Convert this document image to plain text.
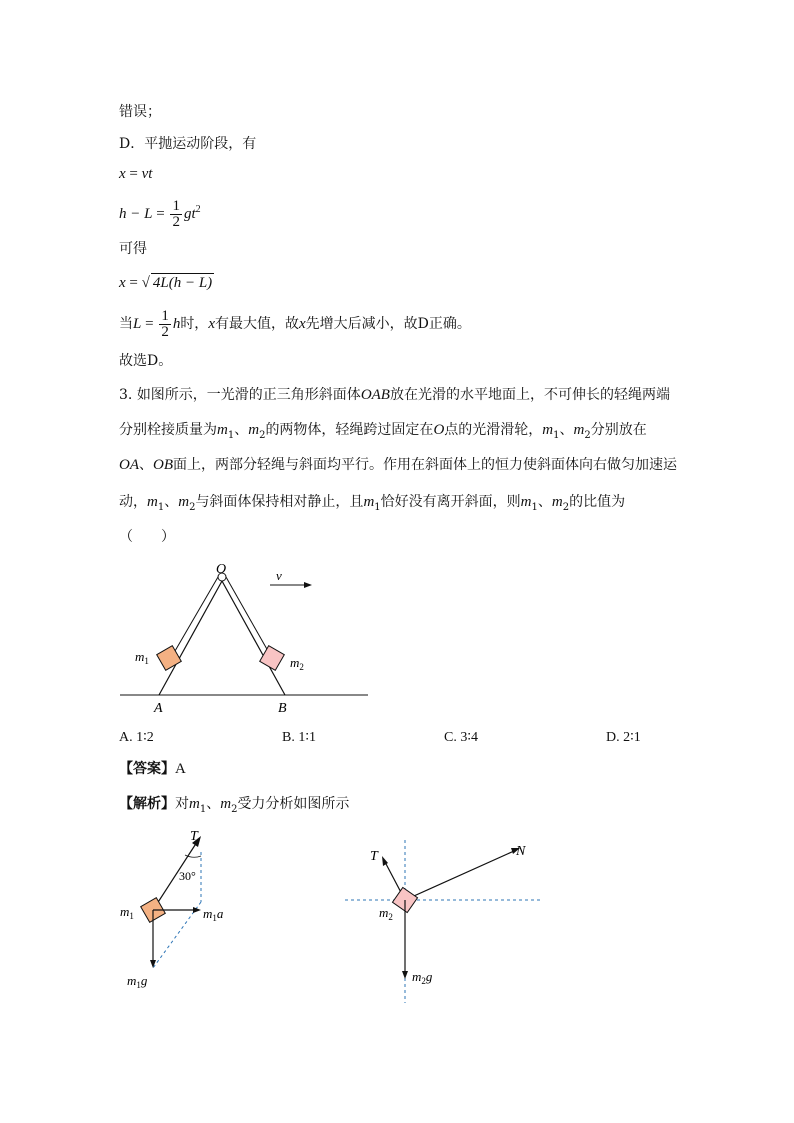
错误；
D．平抛运动阶段，有
x = vt
$h - L = \frac{1}{2} gt^2$
可得
x = √ 4L(h − L)
当$L = \frac{1}{2}$ h时，x有最大值，故x先增大后减小，故D正确。
故选D。
3. 如图所示，一光滑的正三角形斜面体OAB放在光滑的水平地面上，不可伸长的轻绳两端
分别栓接质量为$m_1$、$m_2$的两物体，轻绳跨过固定在O点的光滑滑轮，$m_1$、$m_2$分别放在
OA、OB面上，两部分轻绳与斜面均平行。作用在斜面体上的恒力使斜面体向右做匀加速运
动，$m_1$、$m_2$与斜面体保持相对静止，且$m_1$恰好没有离开斜面，则$m_1$、$m_2$的比值为
（　　）
O	v
A	B
$m_1$	$m_2$
A. 1∶2	B. 1∶1	C. 3∶4	D. 2∶1
【答案】A
【解析】对$m_1$、$m_2$受力分析如图所示
T
30°
$m_1$	$m_1a$
$m_1g$
T	N
$m_2$
$m_2g$
